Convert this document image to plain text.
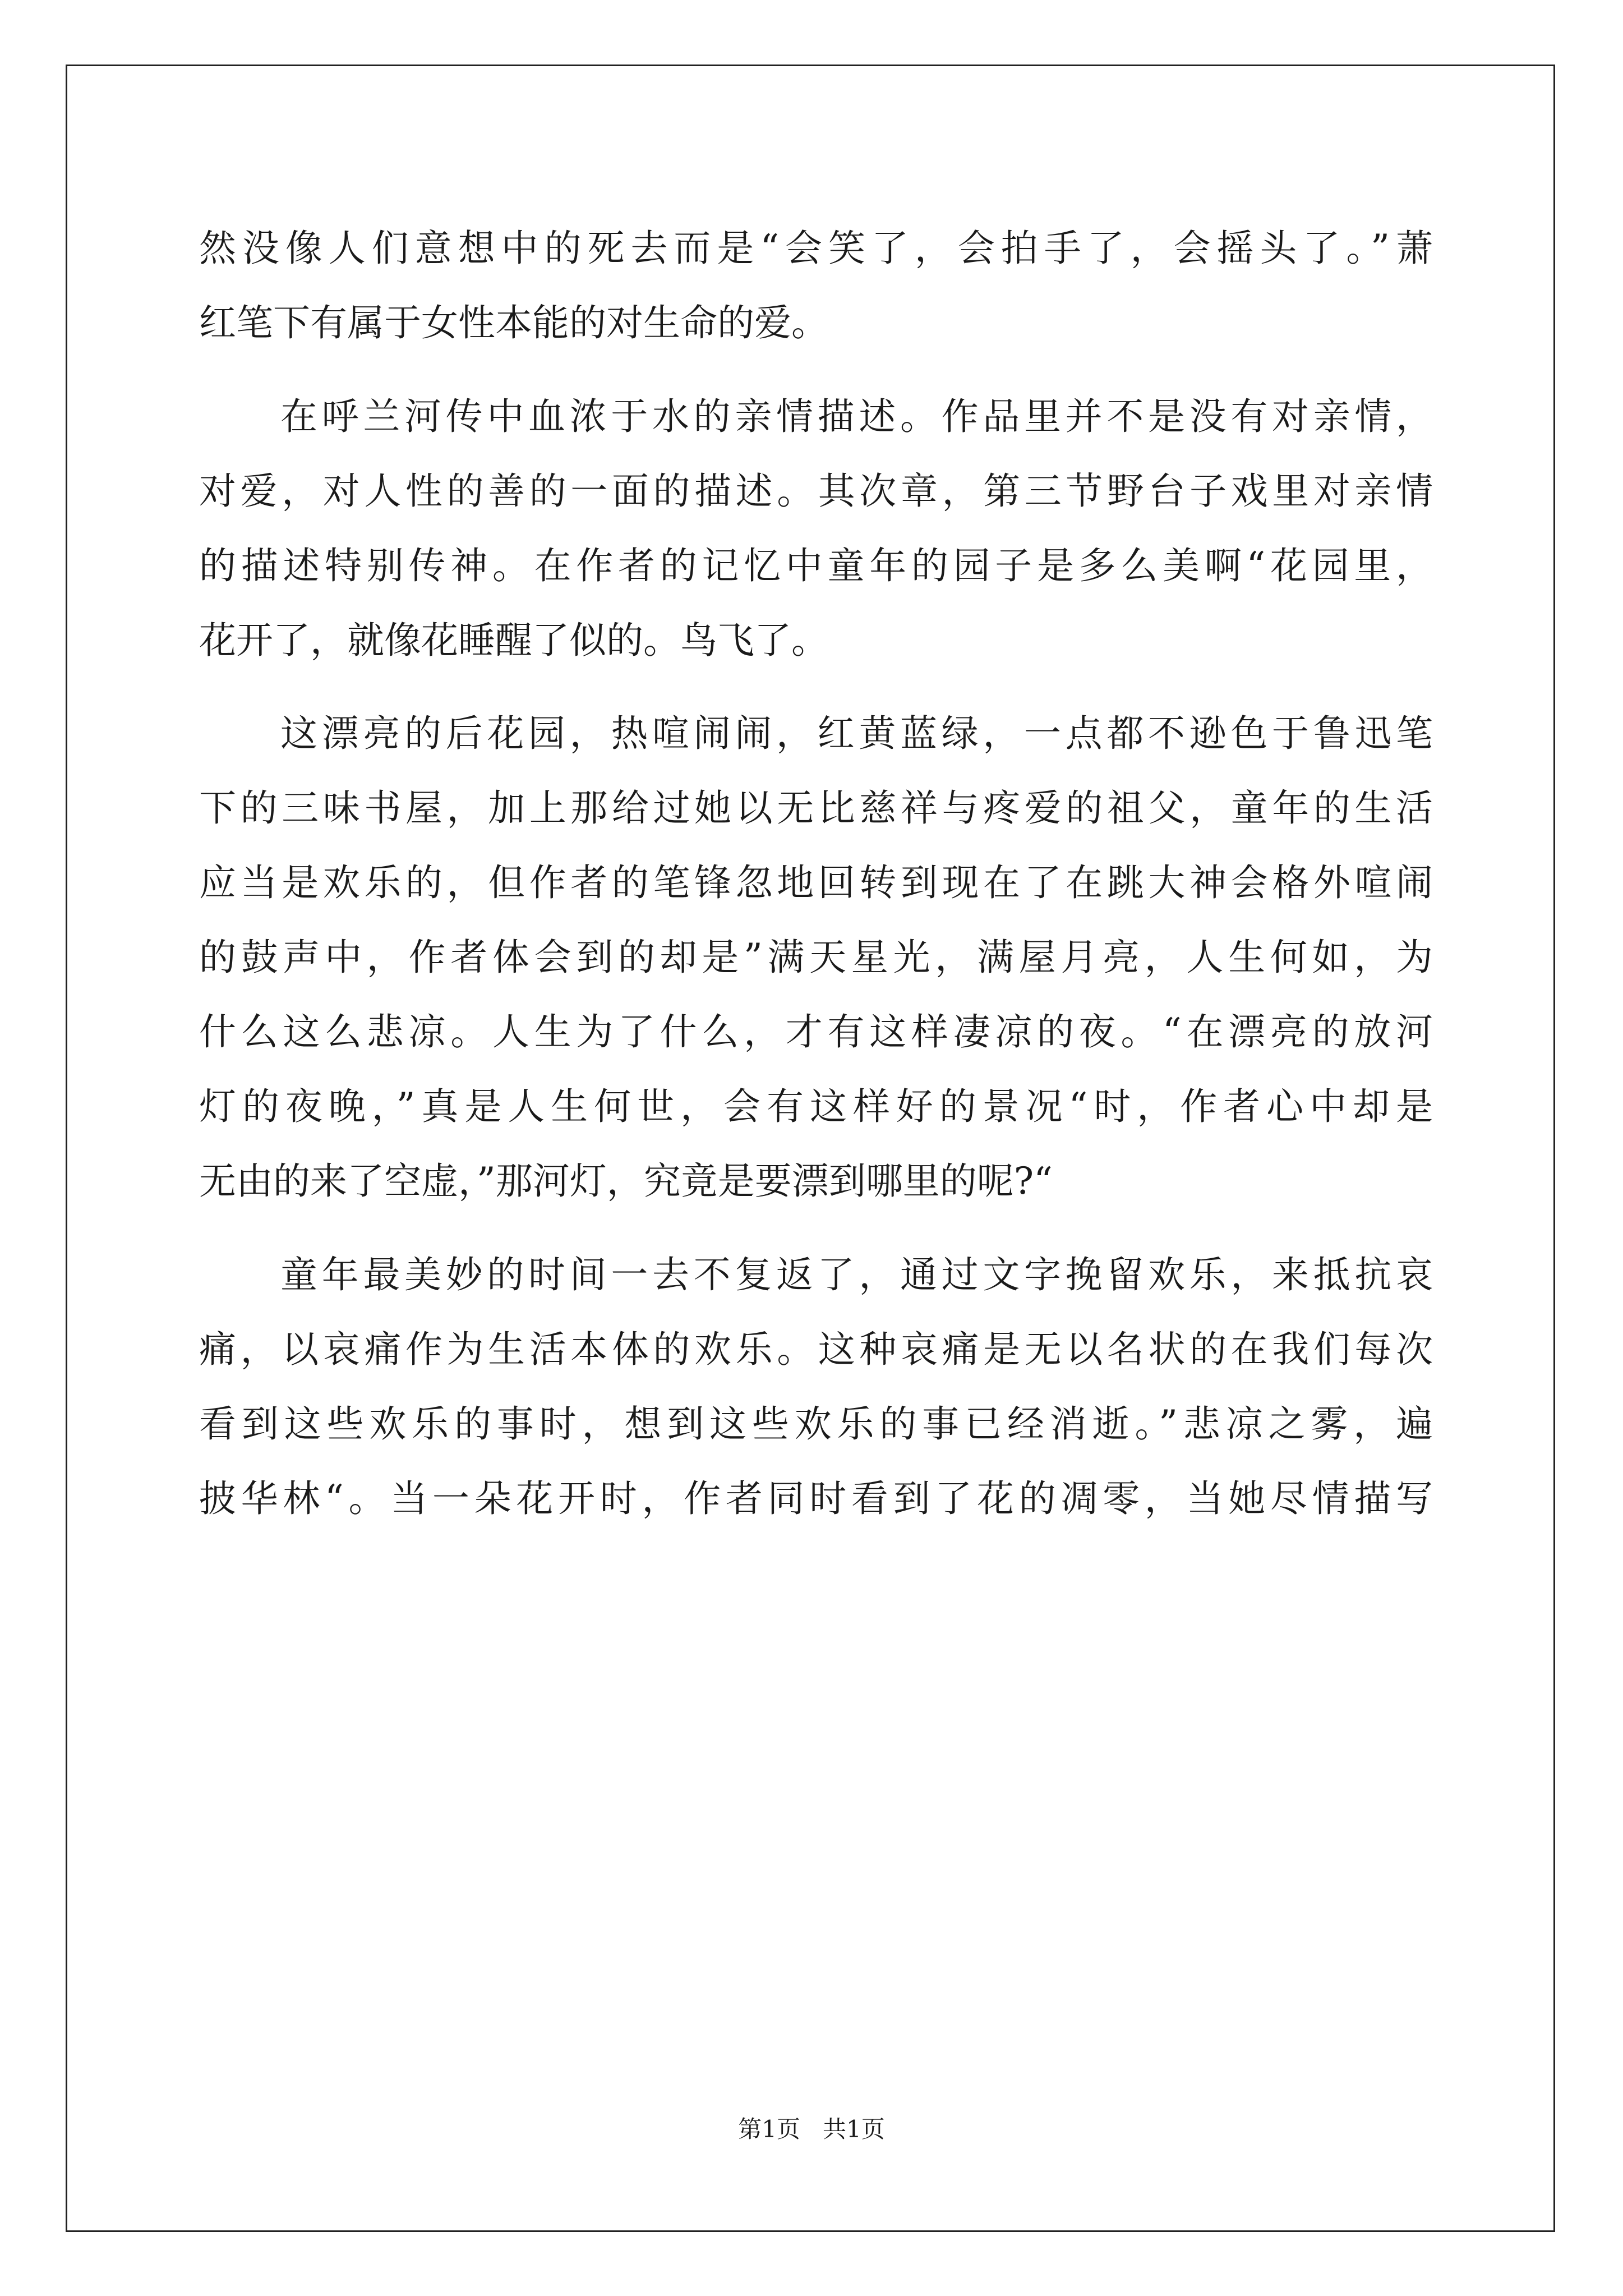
然没像人们意想中的死去而是“会笑了，会拍手了，会摇头了。”萧
红笔下有属于女性本能的对生命的爱。
在呼兰河传中血浓于水的亲情描述。作品里并不是没有对亲情，
对爱，对人性的善的一面的描述。其次章，第三节野台子戏里对亲情
的描述特别传神。在作者的记忆中童年的园子是多么美啊“花园里，
花开了，就像花睡醒了似的。鸟飞了。
这漂亮的后花园，热喧闹闹，红黄蓝绿，一点都不逊色于鲁迅笔
下的三味书屋，加上那给过她以无比慈祥与疼爱的祖父，童年的生活
应当是欢乐的，但作者的笔锋忽地回转到现在了在跳大神会格外喧闹
的鼓声中，作者体会到的却是”满天星光，满屋月亮，人生何如，为
什么这么悲凉。人生为了什么，才有这样凄凉的夜。“在漂亮的放河
灯的夜晚，”真是人生何世，会有这样好的景况“时，作者心中却是
无由的来了空虚，”那河灯，究竟是要漂到哪里的呢?“
童年最美妙的时间一去不复返了，通过文字挽留欢乐，来抵抗哀
痛，以哀痛作为生活本体的欢乐。这种哀痛是无以名状的在我们每次
看到这些欢乐的事时，想到这些欢乐的事已经消逝。”悲凉之雾，遍
披华林“。当一朵花开时，作者同时看到了花的凋零，当她尽情描写
第1页   共1页
